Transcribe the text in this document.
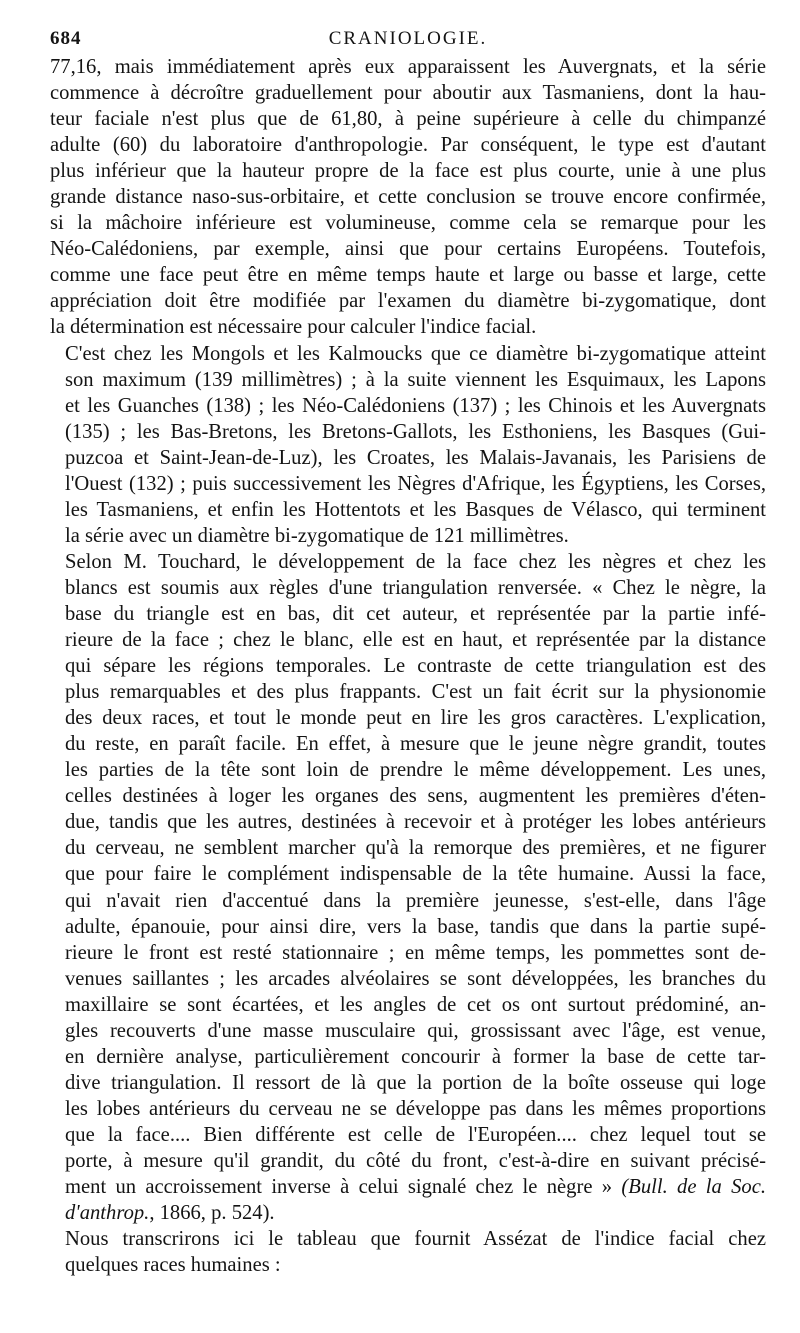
684	CRANIOLOGIE.

77,16, mais immédiatement après eux apparaissent les Auvergnats, et la série
commence à décroître graduellement pour aboutir aux Tasmaniens, dont la hau-
teur faciale n'est plus que de 61,80, à peine supérieure à celle du chimpanzé
adulte (60) du laboratoire d'anthropologie. Par conséquent, le type est d'autant
plus inférieur que la hauteur propre de la face est plus courte, unie à une plus
grande distance naso-sus-orbitaire, et cette conclusion se trouve encore confirmée,
si la mâchoire inférieure est volumineuse, comme cela se remarque pour les
Néo-Calédoniens, par exemple, ainsi que pour certains Européens. Toutefois,
comme une face peut être en même temps haute et large ou basse et large, cette
appréciation doit être modifiée par l'examen du diamètre bi-zygomatique, dont
la détermination est nécessaire pour calculer l'indice facial.

C'est chez les Mongols et les Kalmoucks que ce diamètre bi-zygomatique atteint
son maximum (139 millimètres) ; à la suite viennent les Esquimaux, les Lapons
et les Guanches (138) ; les Néo-Calédoniens (137) ; les Chinois et les Auvergnats
(135) ; les Bas-Bretons, les Bretons-Gallots, les Esthoniens, les Basques (Gui-
puzcoa et Saint-Jean-de-Luz), les Croates, les Malais-Javanais, les Parisiens de
l'Ouest (132) ; puis successivement les Nègres d'Afrique, les Égyptiens, les Corses,
les Tasmaniens, et enfin les Hottentots et les Basques de Vélasco, qui terminent
la série avec un diamètre bi-zygomatique de 121 millimètres.

Selon M. Touchard, le développement de la face chez les nègres et chez les
blancs est soumis aux règles d'une triangulation renversée. « Chez le nègre, la
base du triangle est en bas, dit cet auteur, et représentée par la partie infé-
rieure de la face ; chez le blanc, elle est en haut, et représentée par la distance
qui sépare les régions temporales. Le contraste de cette triangulation est des
plus remarquables et des plus frappants. C'est un fait écrit sur la physionomie
des deux races, et tout le monde peut en lire les gros caractères. L'explication,
du reste, en paraît facile. En effet, à mesure que le jeune nègre grandit, toutes
les parties de la tête sont loin de prendre le même développement. Les unes,
celles destinées à loger les organes des sens, augmentent les premières d'éten-
due, tandis que les autres, destinées à recevoir et à protéger les lobes antérieurs
du cerveau, ne semblent marcher qu'à la remorque des premières, et ne figurer
que pour faire le complément indispensable de la tête humaine. Aussi la face,
qui n'avait rien d'accentué dans la première jeunesse, s'est-elle, dans l'âge
adulte, épanouie, pour ainsi dire, vers la base, tandis que dans la partie supé-
rieure le front est resté stationnaire ; en même temps, les pommettes sont de-
venues saillantes ; les arcades alvéolaires se sont développées, les branches du
maxillaire se sont écartées, et les angles de cet os ont surtout prédominé, an-
gles recouverts d'une masse musculaire qui, grossissant avec l'âge, est venue,
en dernière analyse, particulièrement concourir à former la base de cette tar-
dive triangulation. Il ressort de là que la portion de la boîte osseuse qui loge
les lobes antérieurs du cerveau ne se développe pas dans les mêmes proportions
que la face.... Bien différente est celle de l'Européen.... chez lequel tout se
porte, à mesure qu'il grandit, du côté du front, c'est-à-dire en suivant précisé-
ment un accroissement inverse à celui signalé chez le nègre » (Bull. de la Soc.
d'anthrop., 1866, p. 524).

Nous transcrirons ici le tableau que fournit Assézat de l'indice facial chez
quelques races humaines :
